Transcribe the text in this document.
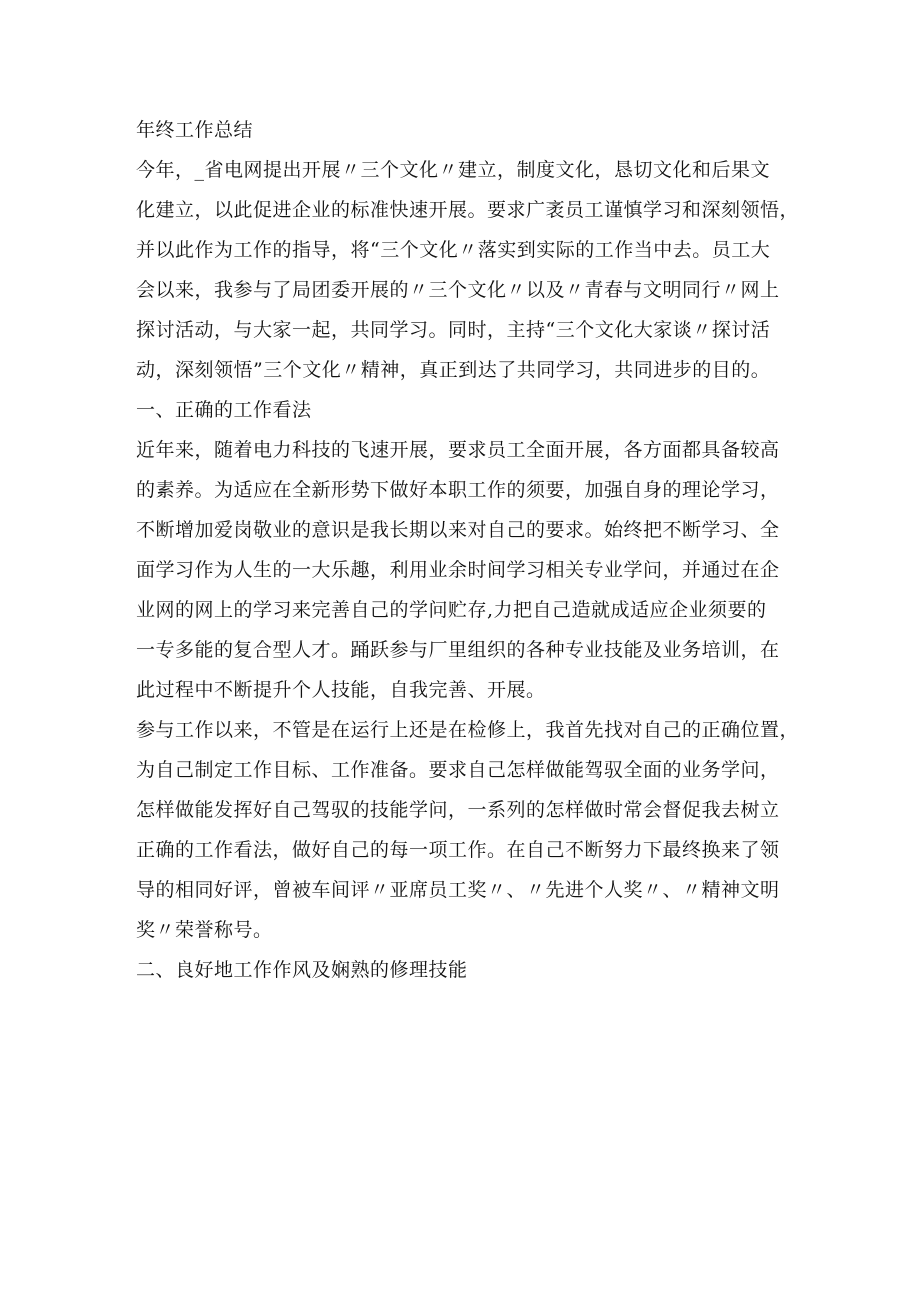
年终工作总结
今年，_省电网提出开展〃三个文化〃建立，制度文化，恳切文化和后果文
化建立，以此促进企业的标准快速开展。要求广袤员工谨慎学习和深刻领悟，
并以此作为工作的指导，将“三个文化〃落实到实际的工作当中去。员工大
会以来，我参与了局团委开展的〃三个文化〃以及〃青春与文明同行〃网上
探讨活动，与大家一起，共同学习。同时，主持“三个文化大家谈〃探讨活
动，深刻领悟”三个文化〃精神，真正到达了共同学习，共同进步的目的。
一、正确的工作看法
近年来，随着电力科技的飞速开展，要求员工全面开展，各方面都具备较高
的素养。为适应在全新形势下做好本职工作的须要，加强自身的理论学习，
不断增加爱岗敬业的意识是我长期以来对自己的要求。始终把不断学习、全
面学习作为人生的一大乐趣，利用业余时间学习相关专业学问，并通过在企
业网的网上的学习来完善自己的学问贮存,力把自己造就成适应企业须要的
一专多能的复合型人才。踊跃参与厂里组织的各种专业技能及业务培训，在
此过程中不断提升个人技能，自我完善、开展。
参与工作以来，不管是在运行上还是在检修上，我首先找对自己的正确位置，
为自己制定工作目标、工作准备。要求自己怎样做能驾驭全面的业务学问，
怎样做能发挥好自己驾驭的技能学问，一系列的怎样做时常会督促我去树立
正确的工作看法，做好自己的每一项工作。在自己不断努力下最终换来了领
导的相同好评，曾被车间评〃亚席员工奖〃、〃先进个人奖〃、〃精神文明
奖〃荣誉称号。
二、良好地工作作风及娴熟的修理技能
